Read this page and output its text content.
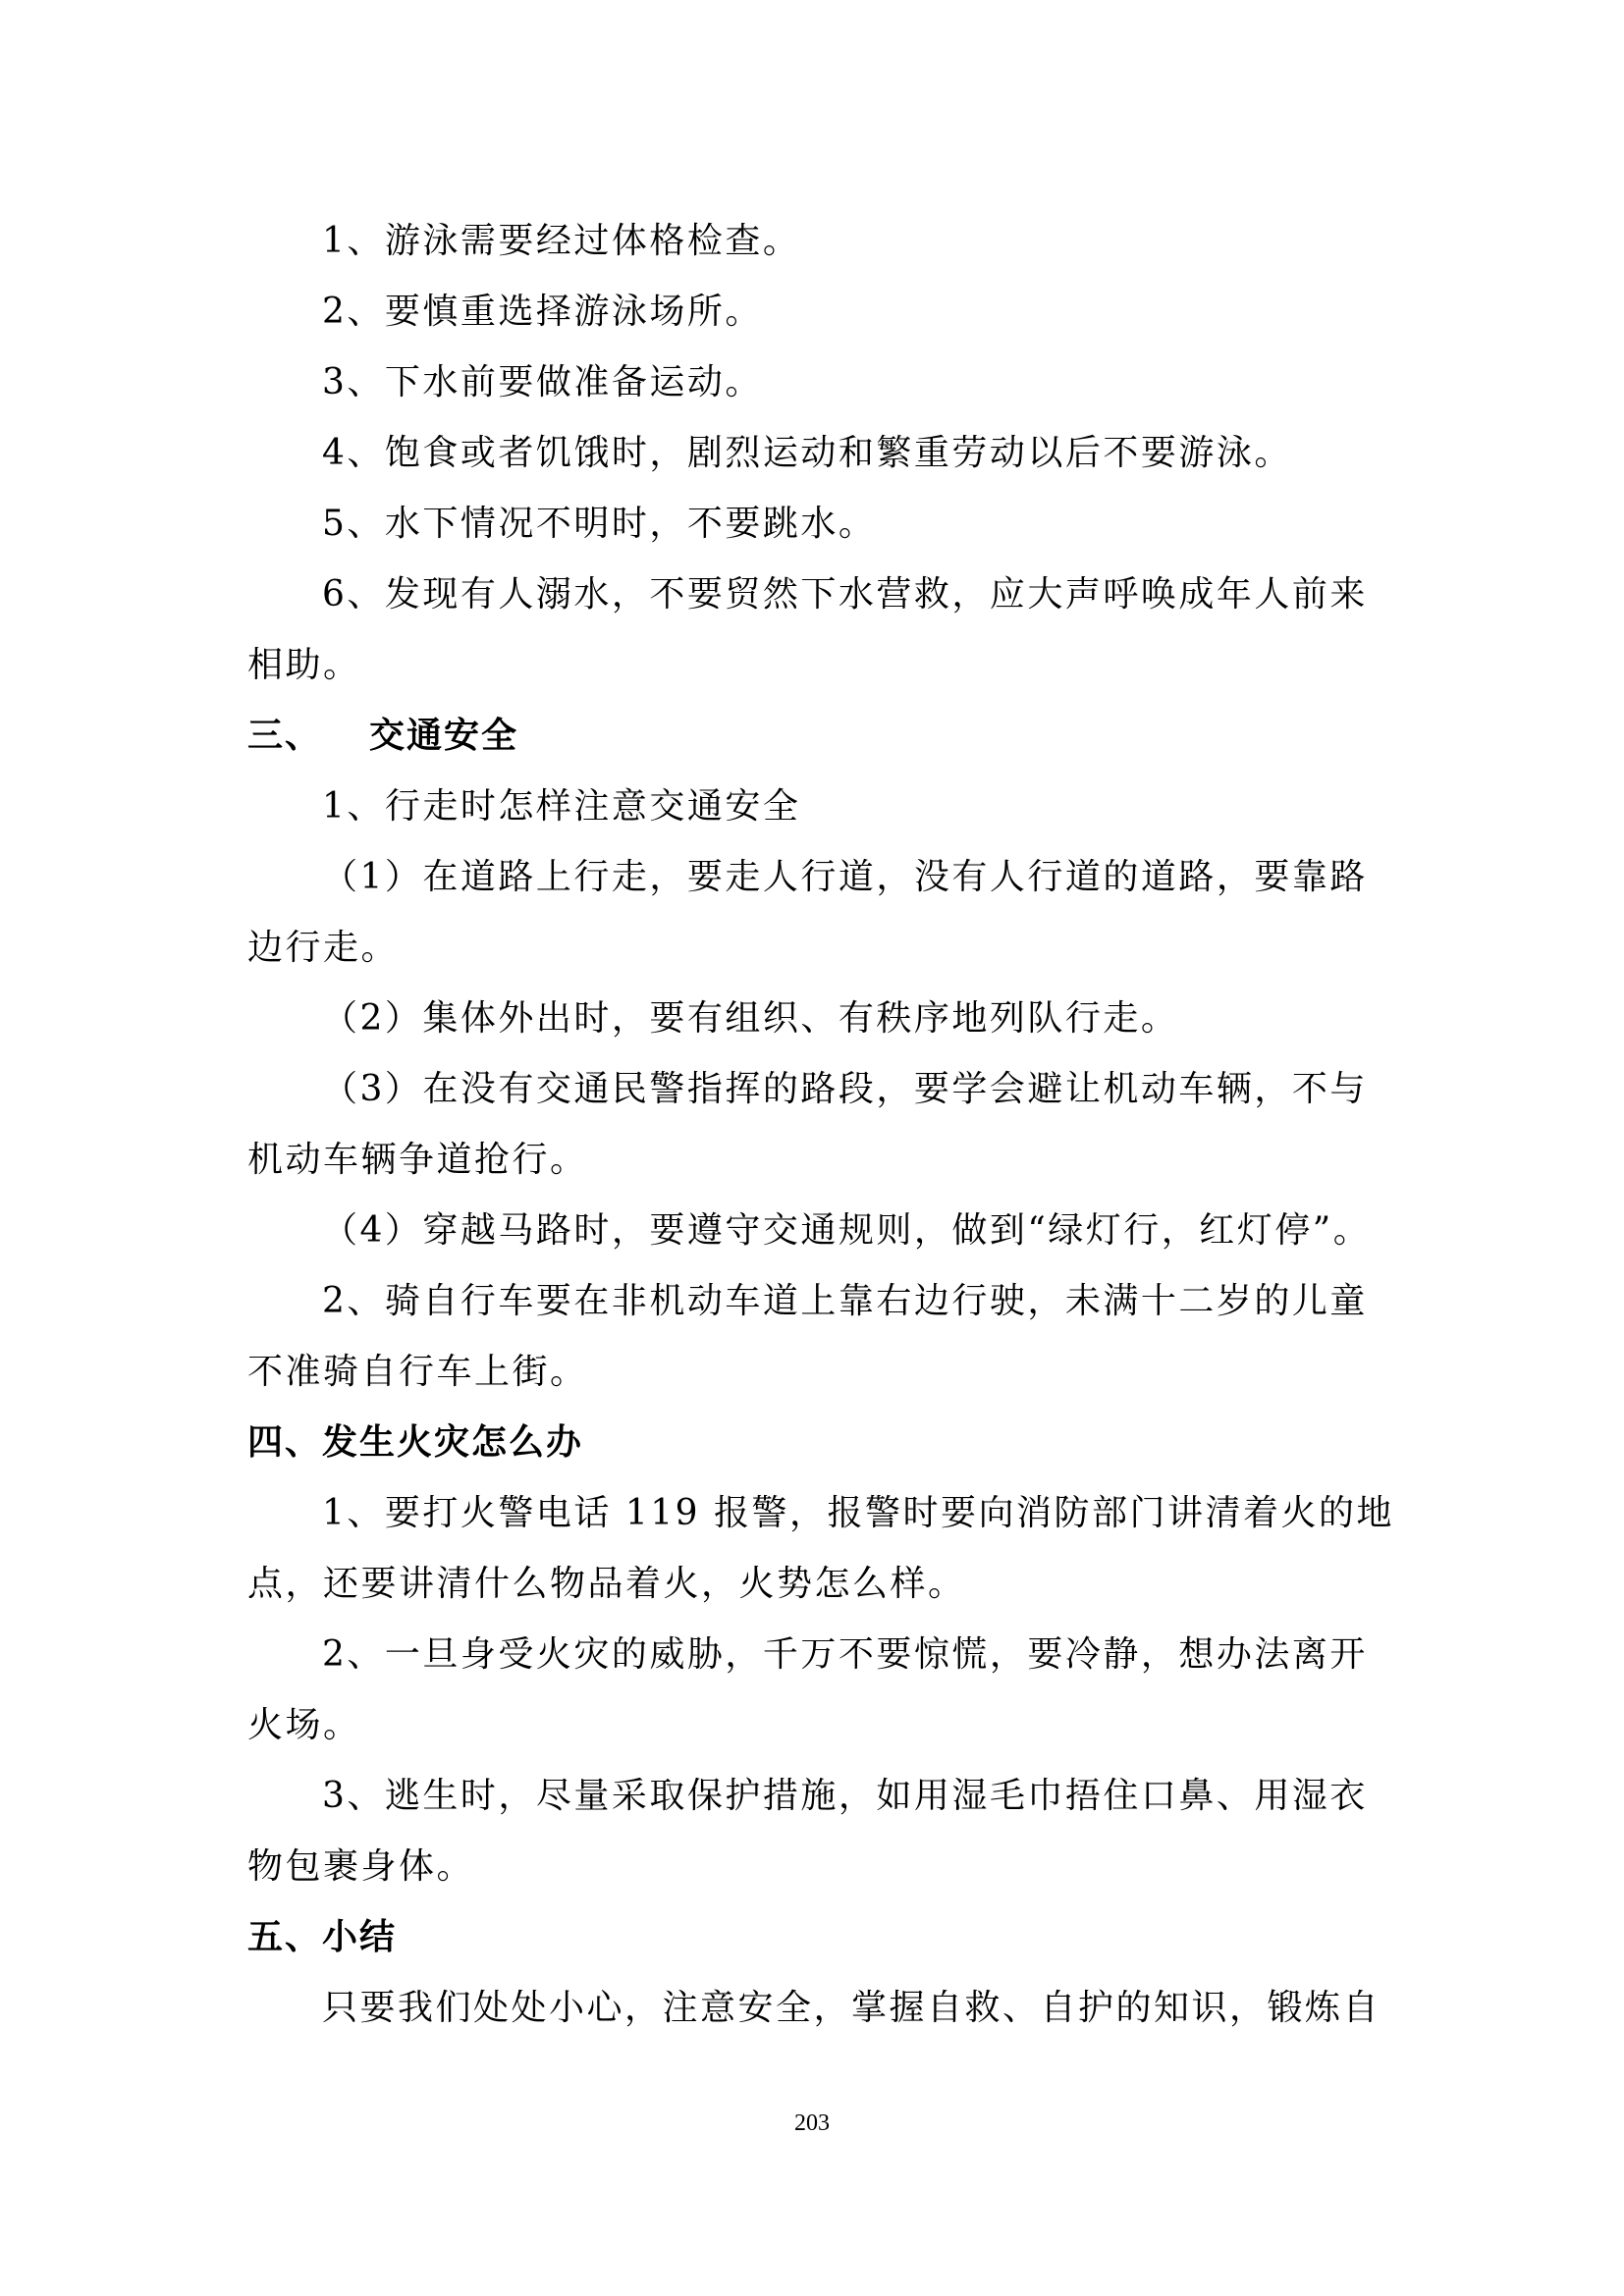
1、游泳需要经过体格检查。
2、要慎重选择游泳场所。
3、下水前要做准备运动。
4、饱食或者饥饿时，剧烈运动和繁重劳动以后不要游泳。
5、水下情况不明时，不要跳水。
6、发现有人溺水，不要贸然下水营救，应大声呼唤成年人前来
相助。
三、 交通安全
1、行走时怎样注意交通安全
（1）在道路上行走，要走人行道，没有人行道的道路，要靠路
边行走。
（2）集体外出时，要有组织、有秩序地列队行走。
（3）在没有交通民警指挥的路段，要学会避让机动车辆，不与
机动车辆争道抢行。
（4）穿越马路时，要遵守交通规则，做到“绿灯行，红灯停”。
2、骑自行车要在非机动车道上靠右边行驶，未满十二岁的儿童
不准骑自行车上街。
四、发生火灾怎么办
1、要打火警电话 119 报警，报警时要向消防部门讲清着火的地
点，还要讲清什么物品着火，火势怎么样。
2、一旦身受火灾的威胁，千万不要惊慌，要冷静，想办法离开
火场。
3、逃生时，尽量采取保护措施，如用湿毛巾捂住口鼻、用湿衣
物包裹身体。
五、小结
只要我们处处小心，注意安全，掌握自救、自护的知识，锻炼自
203
